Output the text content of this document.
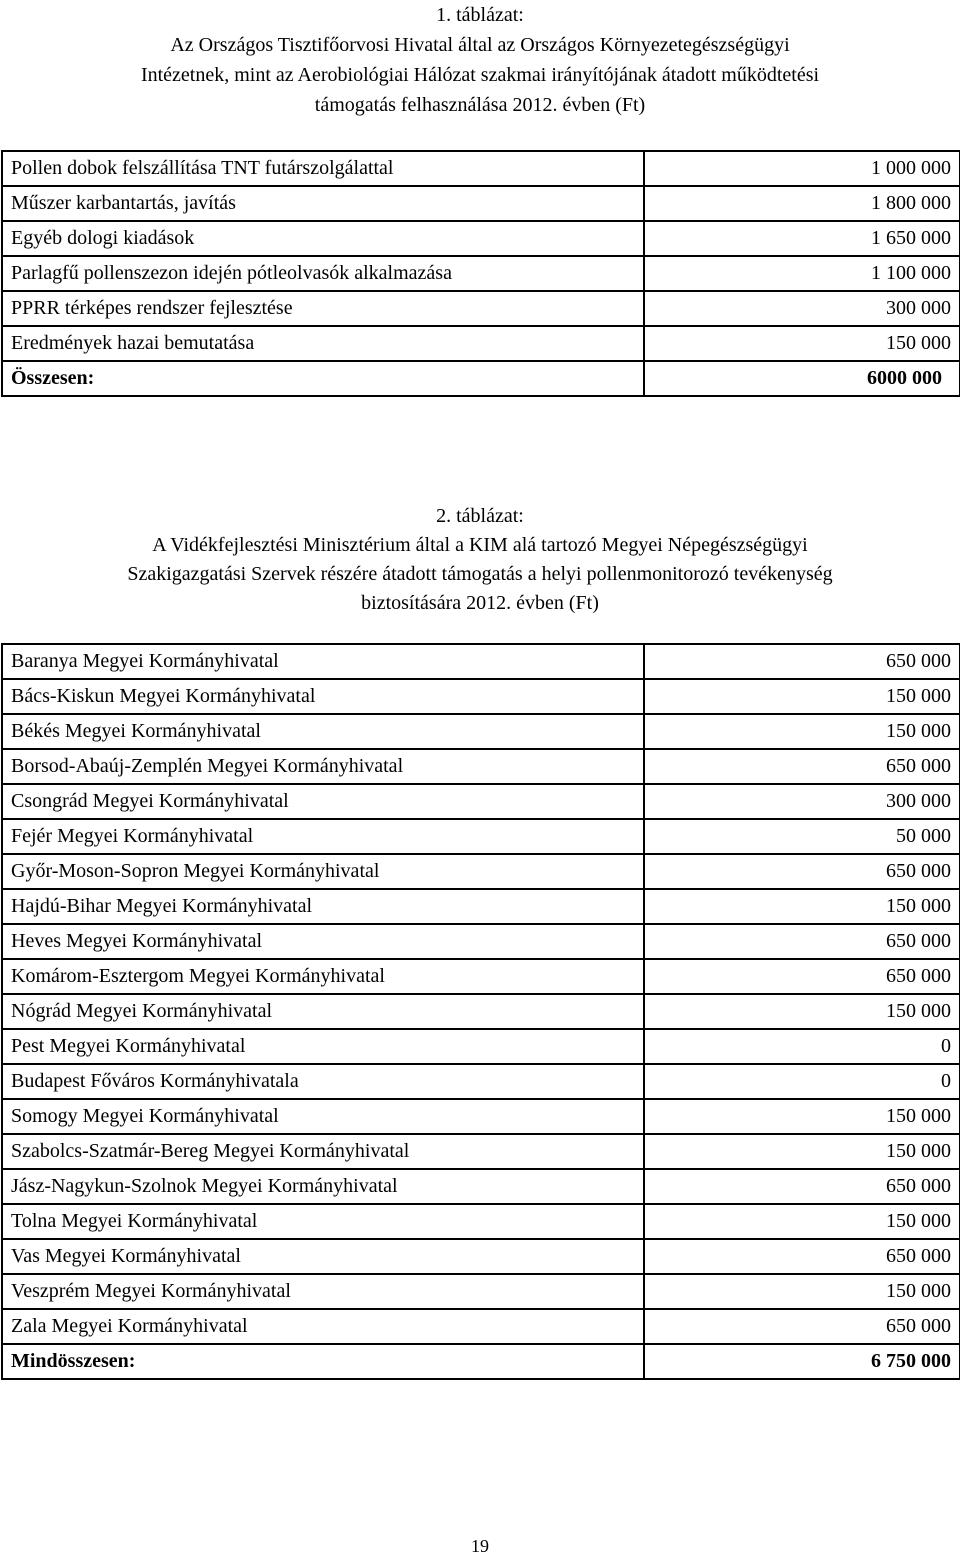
1. táblázat:
Az Országos Tisztifőorvosi Hivatal által az Országos Környezetegészségügyi
Intézetnek, mint az Aerobiológiai Hálózat szakmai irányítójának átadott működtetési
támogatás felhasználása 2012. évben (Ft)
Pollen dobok felszállítása TNT futárszolgálattal	1 000 000
Műszer karbantartás, javítás	1 800 000
Egyéb dologi kiadások	1 650 000
Parlagfű pollenszezon idején pótleolvasók alkalmazása	1 100 000
PPRR térképes rendszer fejlesztése	300 000
Eredmények hazai bemutatása	150 000
Összesen:	6000 000
2. táblázat:
A Vidékfejlesztési Minisztérium által a KIM alá tartozó Megyei Népegészségügyi
Szakigazgatási Szervek részére átadott támogatás a helyi pollenmonitorozó tevékenység
biztosítására 2012. évben (Ft)
Baranya Megyei Kormányhivatal	650 000
Bács-Kiskun Megyei Kormányhivatal	150 000
Békés Megyei Kormányhivatal	150 000
Borsod-Abaúj-Zemplén Megyei Kormányhivatal	650 000
Csongrád Megyei Kormányhivatal	300 000
Fejér Megyei Kormányhivatal	50 000
Győr-Moson-Sopron Megyei Kormányhivatal	650 000
Hajdú-Bihar Megyei Kormányhivatal	150 000
Heves Megyei Kormányhivatal	650 000
Komárom-Esztergom Megyei Kormányhivatal	650 000
Nógrád Megyei Kormányhivatal	150 000
Pest Megyei Kormányhivatal	0
Budapest Főváros Kormányhivatala	0
Somogy Megyei Kormányhivatal	150 000
Szabolcs-Szatmár-Bereg Megyei Kormányhivatal	150 000
Jász-Nagykun-Szolnok Megyei Kormányhivatal	650 000
Tolna Megyei Kormányhivatal	150 000
Vas Megyei Kormányhivatal	650 000
Veszprém Megyei Kormányhivatal	150 000
Zala Megyei Kormányhivatal	650 000
Mindösszesen:	6 750 000
19
